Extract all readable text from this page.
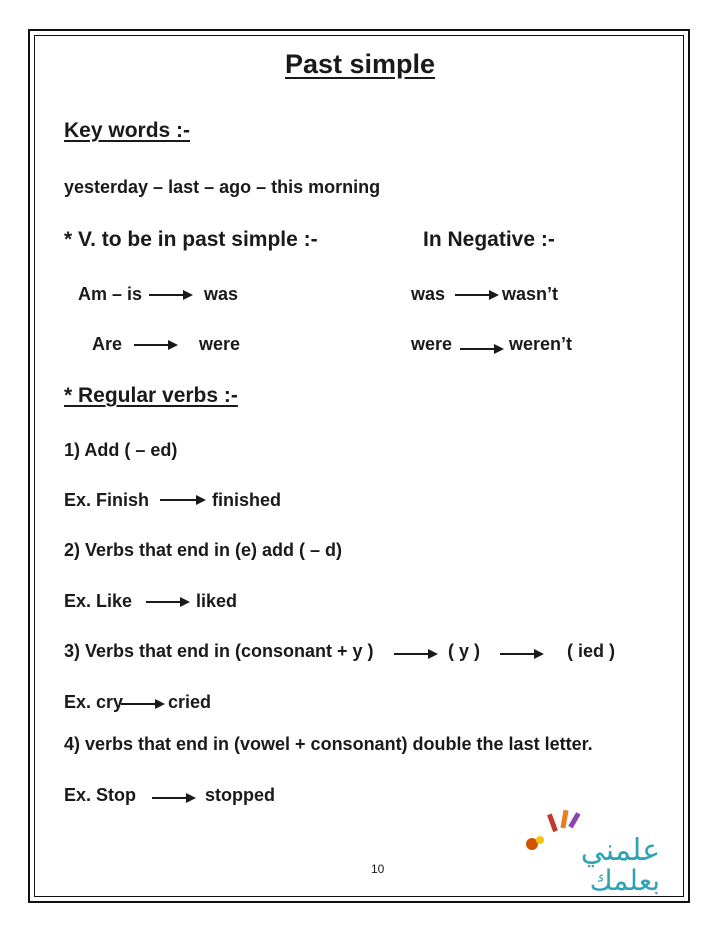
Past simple
Key words :-
yesterday – last – ago – this morning
* V. to be in past simple :-	In Negative :-
Am – is	was	was	wasn’t
Are	were	were	weren’t
* Regular verbs :-
1) Add ( – ed)
Ex. Finish	finished
2) Verbs that end in (e) add ( – d)
Ex. Like	liked
3) Verbs that end in (consonant + y )	( y )	( ied )
Ex. cry cried
4) verbs that end in (vowel + consonant) double the last letter.
Ex. Stop	stopped
10
علمني
بعلمك
